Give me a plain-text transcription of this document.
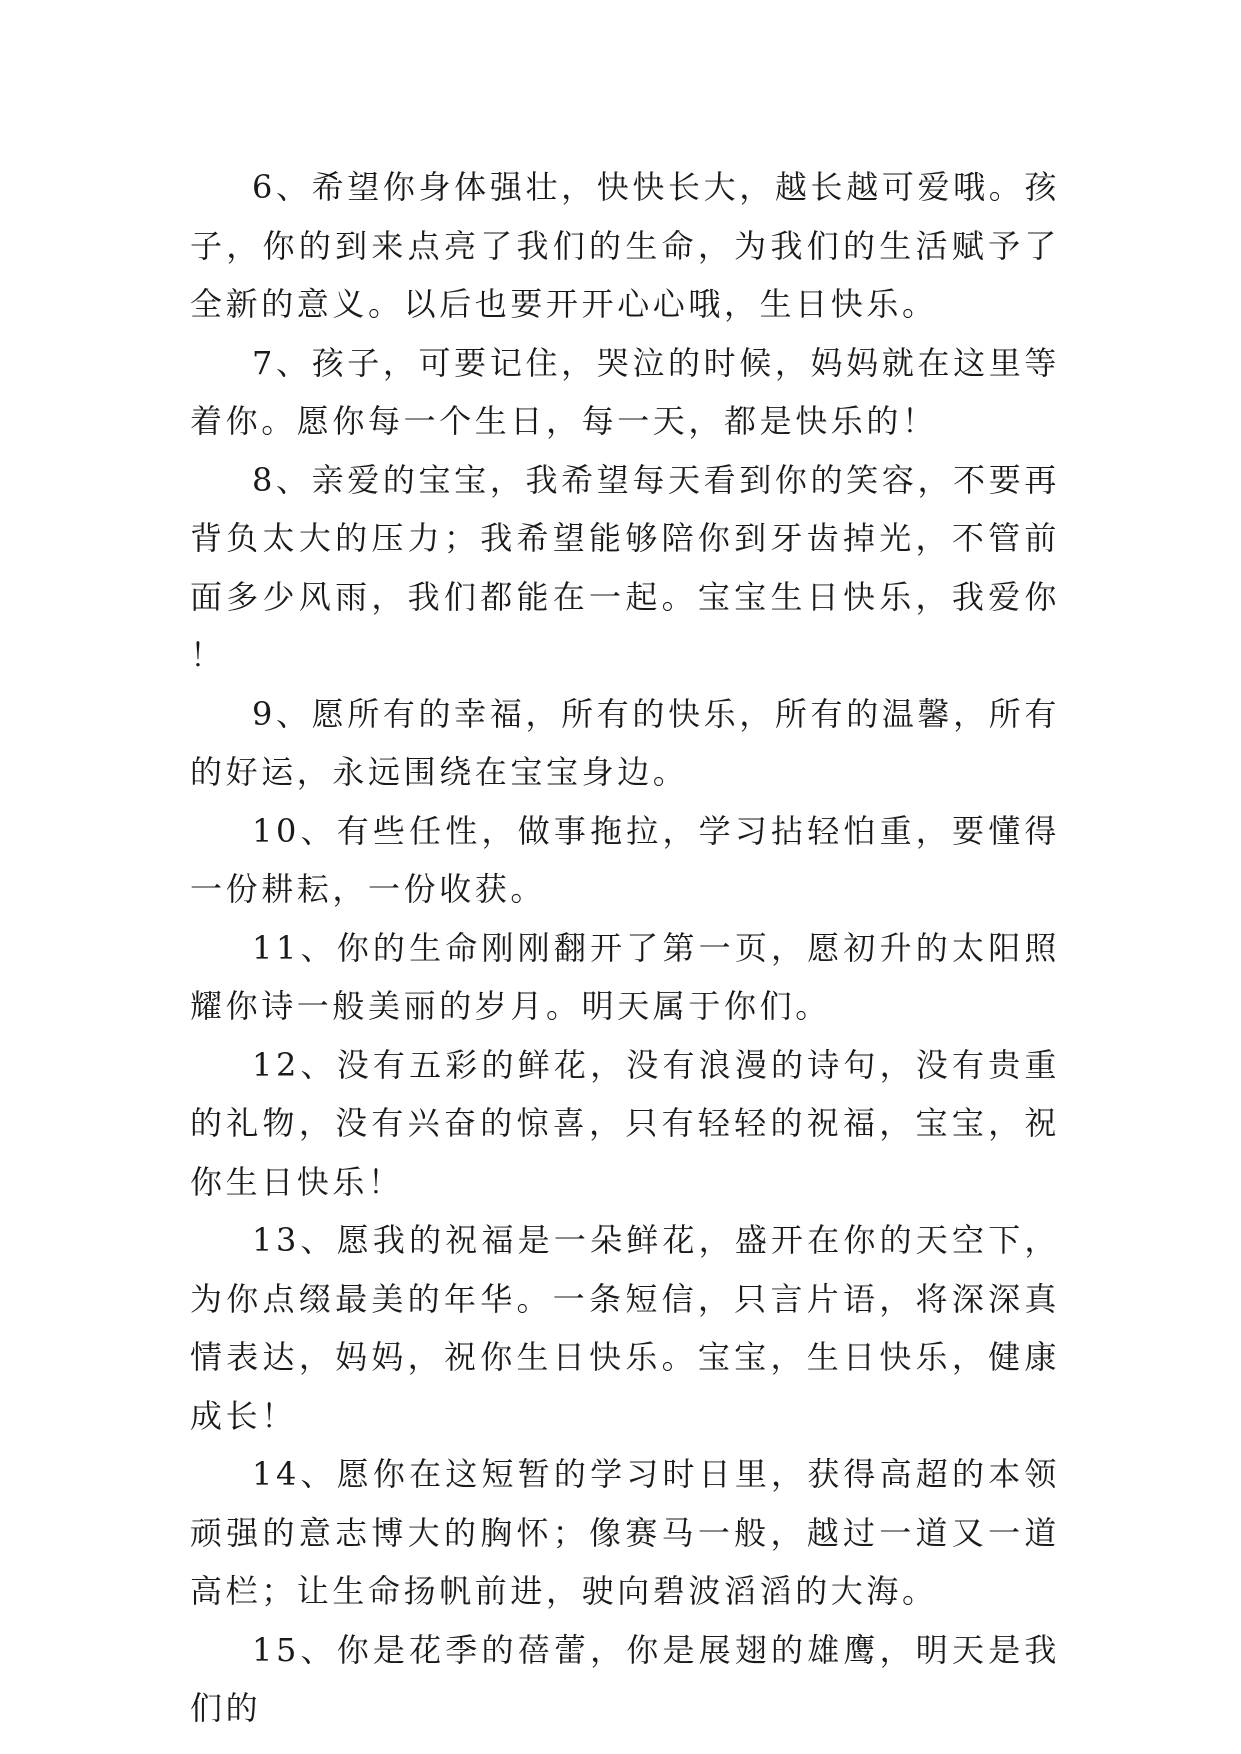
6、希望你身体强壮，快快长大，越长越可爱哦。孩子，你的到来点亮了我们的生命，为我们的生活赋予了全新的意义。以后也要开开心心哦，生日快乐。

7、孩子，可要记住，哭泣的时候，妈妈就在这里等着你。愿你每一个生日，每一天，都是快乐的！

8、亲爱的宝宝，我希望每天看到你的笑容，不要再背负太大的压力；我希望能够陪你到牙齿掉光，不管前面多少风雨，我们都能在一起。宝宝生日快乐，我爱你！

9、愿所有的幸福，所有的快乐，所有的温馨，所有的好运，永远围绕在宝宝身边。

10、有些任性，做事拖拉，学习拈轻怕重，要懂得一份耕耘，一份收获。

11、你的生命刚刚翻开了第一页，愿初升的太阳照耀你诗一般美丽的岁月。明天属于你们。

12、没有五彩的鲜花，没有浪漫的诗句，没有贵重的礼物，没有兴奋的惊喜，只有轻轻的祝福，宝宝，祝你生日快乐！

13、愿我的祝福是一朵鲜花，盛开在你的天空下，为你点缀最美的年华。一条短信，只言片语，将深深真情表达，妈妈，祝你生日快乐。宝宝，生日快乐，健康成长！

14、愿你在这短暂的学习时日里，获得高超的本领顽强的意志博大的胸怀；像赛马一般，越过一道又一道高栏；让生命扬帆前进，驶向碧波滔滔的大海。

15、你是花季的蓓蕾，你是展翅的雄鹰，明天是我们的
